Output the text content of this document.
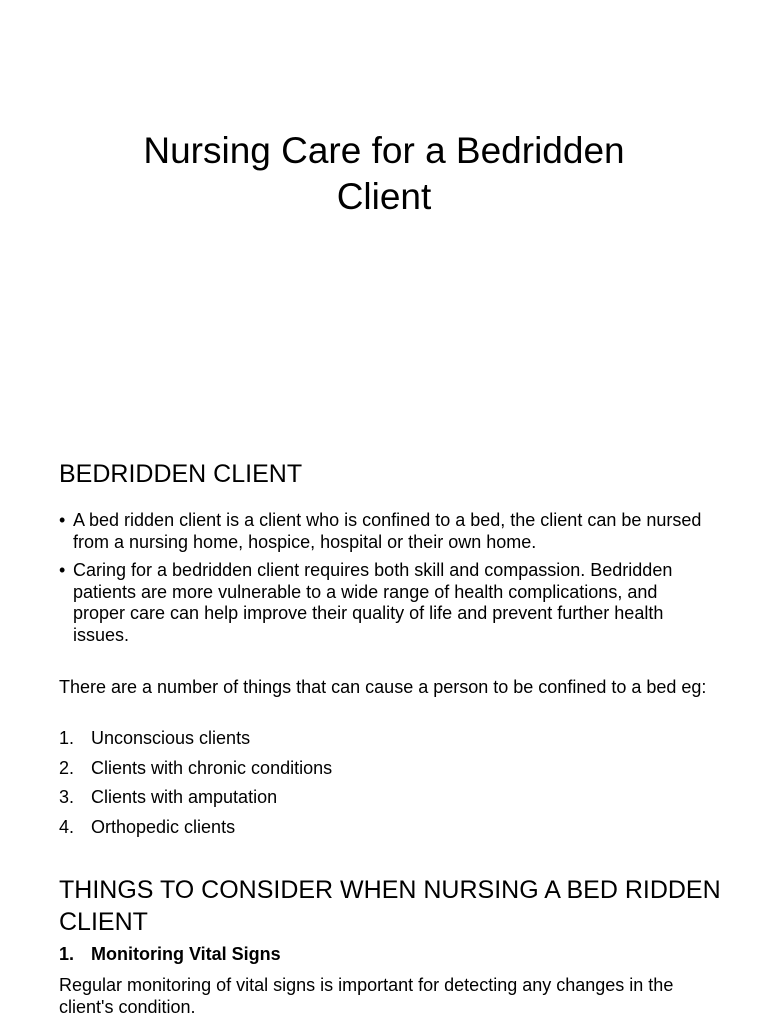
Nursing Care for a Bedridden
Client
BEDRIDDEN CLIENT
• A bed ridden client is a client who is confined to a bed, the client can be nursed from a nursing home, hospice, hospital or their own home.
• Caring for a bedridden client requires both skill and compassion. Bedridden patients are more vulnerable to a wide range of health complications, and proper care can help improve their quality of life and prevent further health issues.
There are a number of things that can cause a person to be confined to a bed eg:
1. Unconscious clients
2. Clients with chronic conditions
3. Clients with amputation
4. Orthopedic clients
THINGS TO CONSIDER WHEN NURSING A BED RIDDEN
CLIENT
1. Monitoring Vital Signs
Regular monitoring of vital signs is important for detecting any changes in the client's condition.
